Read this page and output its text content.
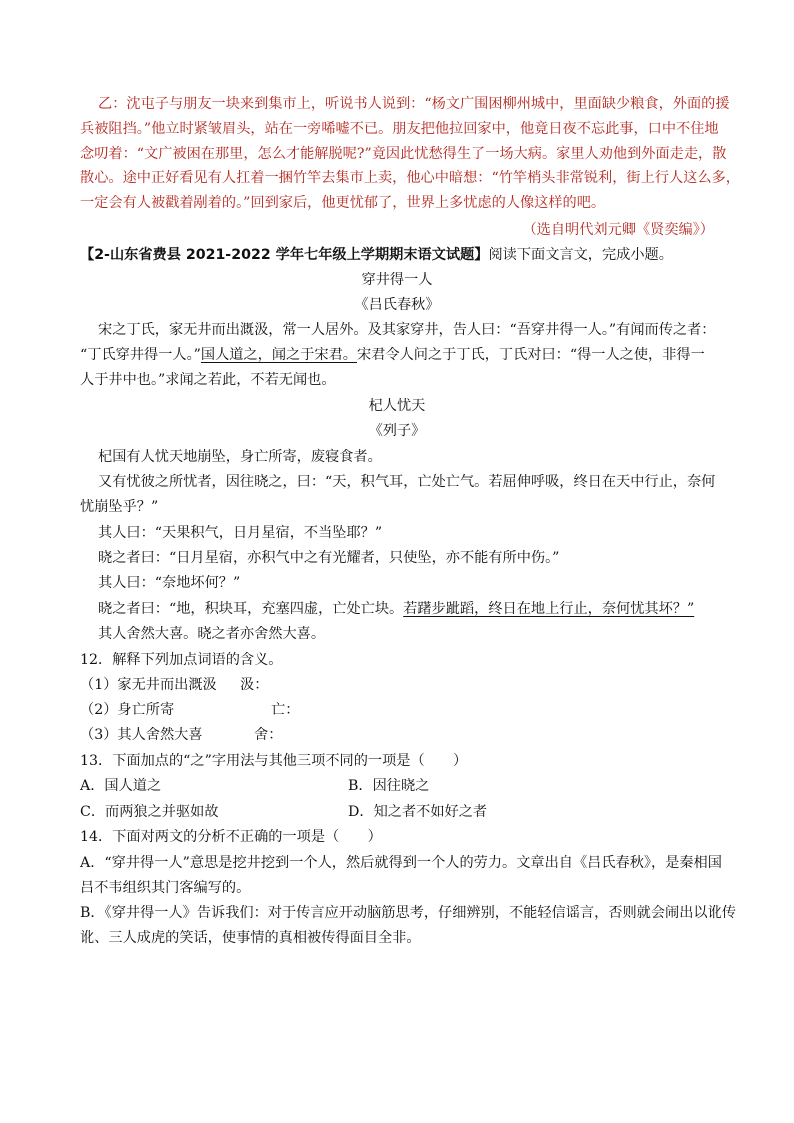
乙：沈屯子与朋友一块来到集市上，听说书人说到：“杨文广围困柳州城中，里面缺少粮食，外面的援
兵被阻挡。”他立时紧皱眉头，站在一旁唏嘘不已。朋友把他拉回家中，他竟日夜不忘此事，口中不住地
念叨着：“文广被困在那里，怎么才能解脱呢?”竟因此忧愁得生了一场大病。家里人劝他到外面走走，散
散心。途中正好看见有人扛着一捆竹竿去集市上卖，他心中暗想：“竹竿梢头非常锐利，街上行人这么多，
一定会有人被戳着剐着的。”回到家后，他更忧郁了，世界上多忧虑的人像这样的吧。
（选自明代刘元卿《贤奕编》）
【2-山东省费县 2021-2022 学年七年级上学期期末语文试题】阅读下面文言文，完成小题。
穿井得一人
《吕氏春秋》
宋之丁氏，家无井而出溉汲，常一人居外。及其家穿井，告人曰：“吾穿井得一人。”有闻而传之者：
“丁氏穿井得一人。”国人道之，闻之于宋君。宋君令人问之于丁氏，丁氏对曰：“得一人之使，非得一
人于井中也。”求闻之若此，不若无闻也。
杞人忧天
《列子》
杞国有人忧天地崩坠，身亡所寄，废寝食者。
又有忧彼之所忧者，因往晓之，曰：“天，积气耳，亡处亡气。若屈伸呼吸，终日在天中行止，奈何
忧崩坠乎？”
其人曰：“天果积气，日月星宿，不当坠耶？”
晓之者曰：“日月星宿，亦积气中之有光耀者，只使坠，亦不能有所中伤。”
其人曰：“奈地坏何？”
晓之者曰：“地，积块耳，充塞四虚，亡处亡块。若躇步跐蹈，终日在地上行止，奈何忧其坏？”
其人舍然大喜。晓之者亦舍然大喜。
12．解释下列加点词语的含义。
（1）家无井而出溉汲 汲：
（2）身亡所寄	亡：
（3）其人舍然大喜	舍：
13．下面加点的“之”字用法与其他三项不同的一项是（　　）
A．国人道之	B．因往晓之
C．而两狼之并驱如故	D．知之者不如好之者
14．下面对两文的分析不正确的一项是（　　）
A．“穿井得一人”意思是挖井挖到一个人，然后就得到一个人的劳力。文章出自《吕氏春秋》，是秦相国
吕不韦组织其门客编写的。
B．《穿井得一人》告诉我们：对于传言应开动脑筋思考，仔细辨别，不能轻信谣言，否则就会闹出以讹传
讹、三人成虎的笑话，使事情的真相被传得面目全非。
